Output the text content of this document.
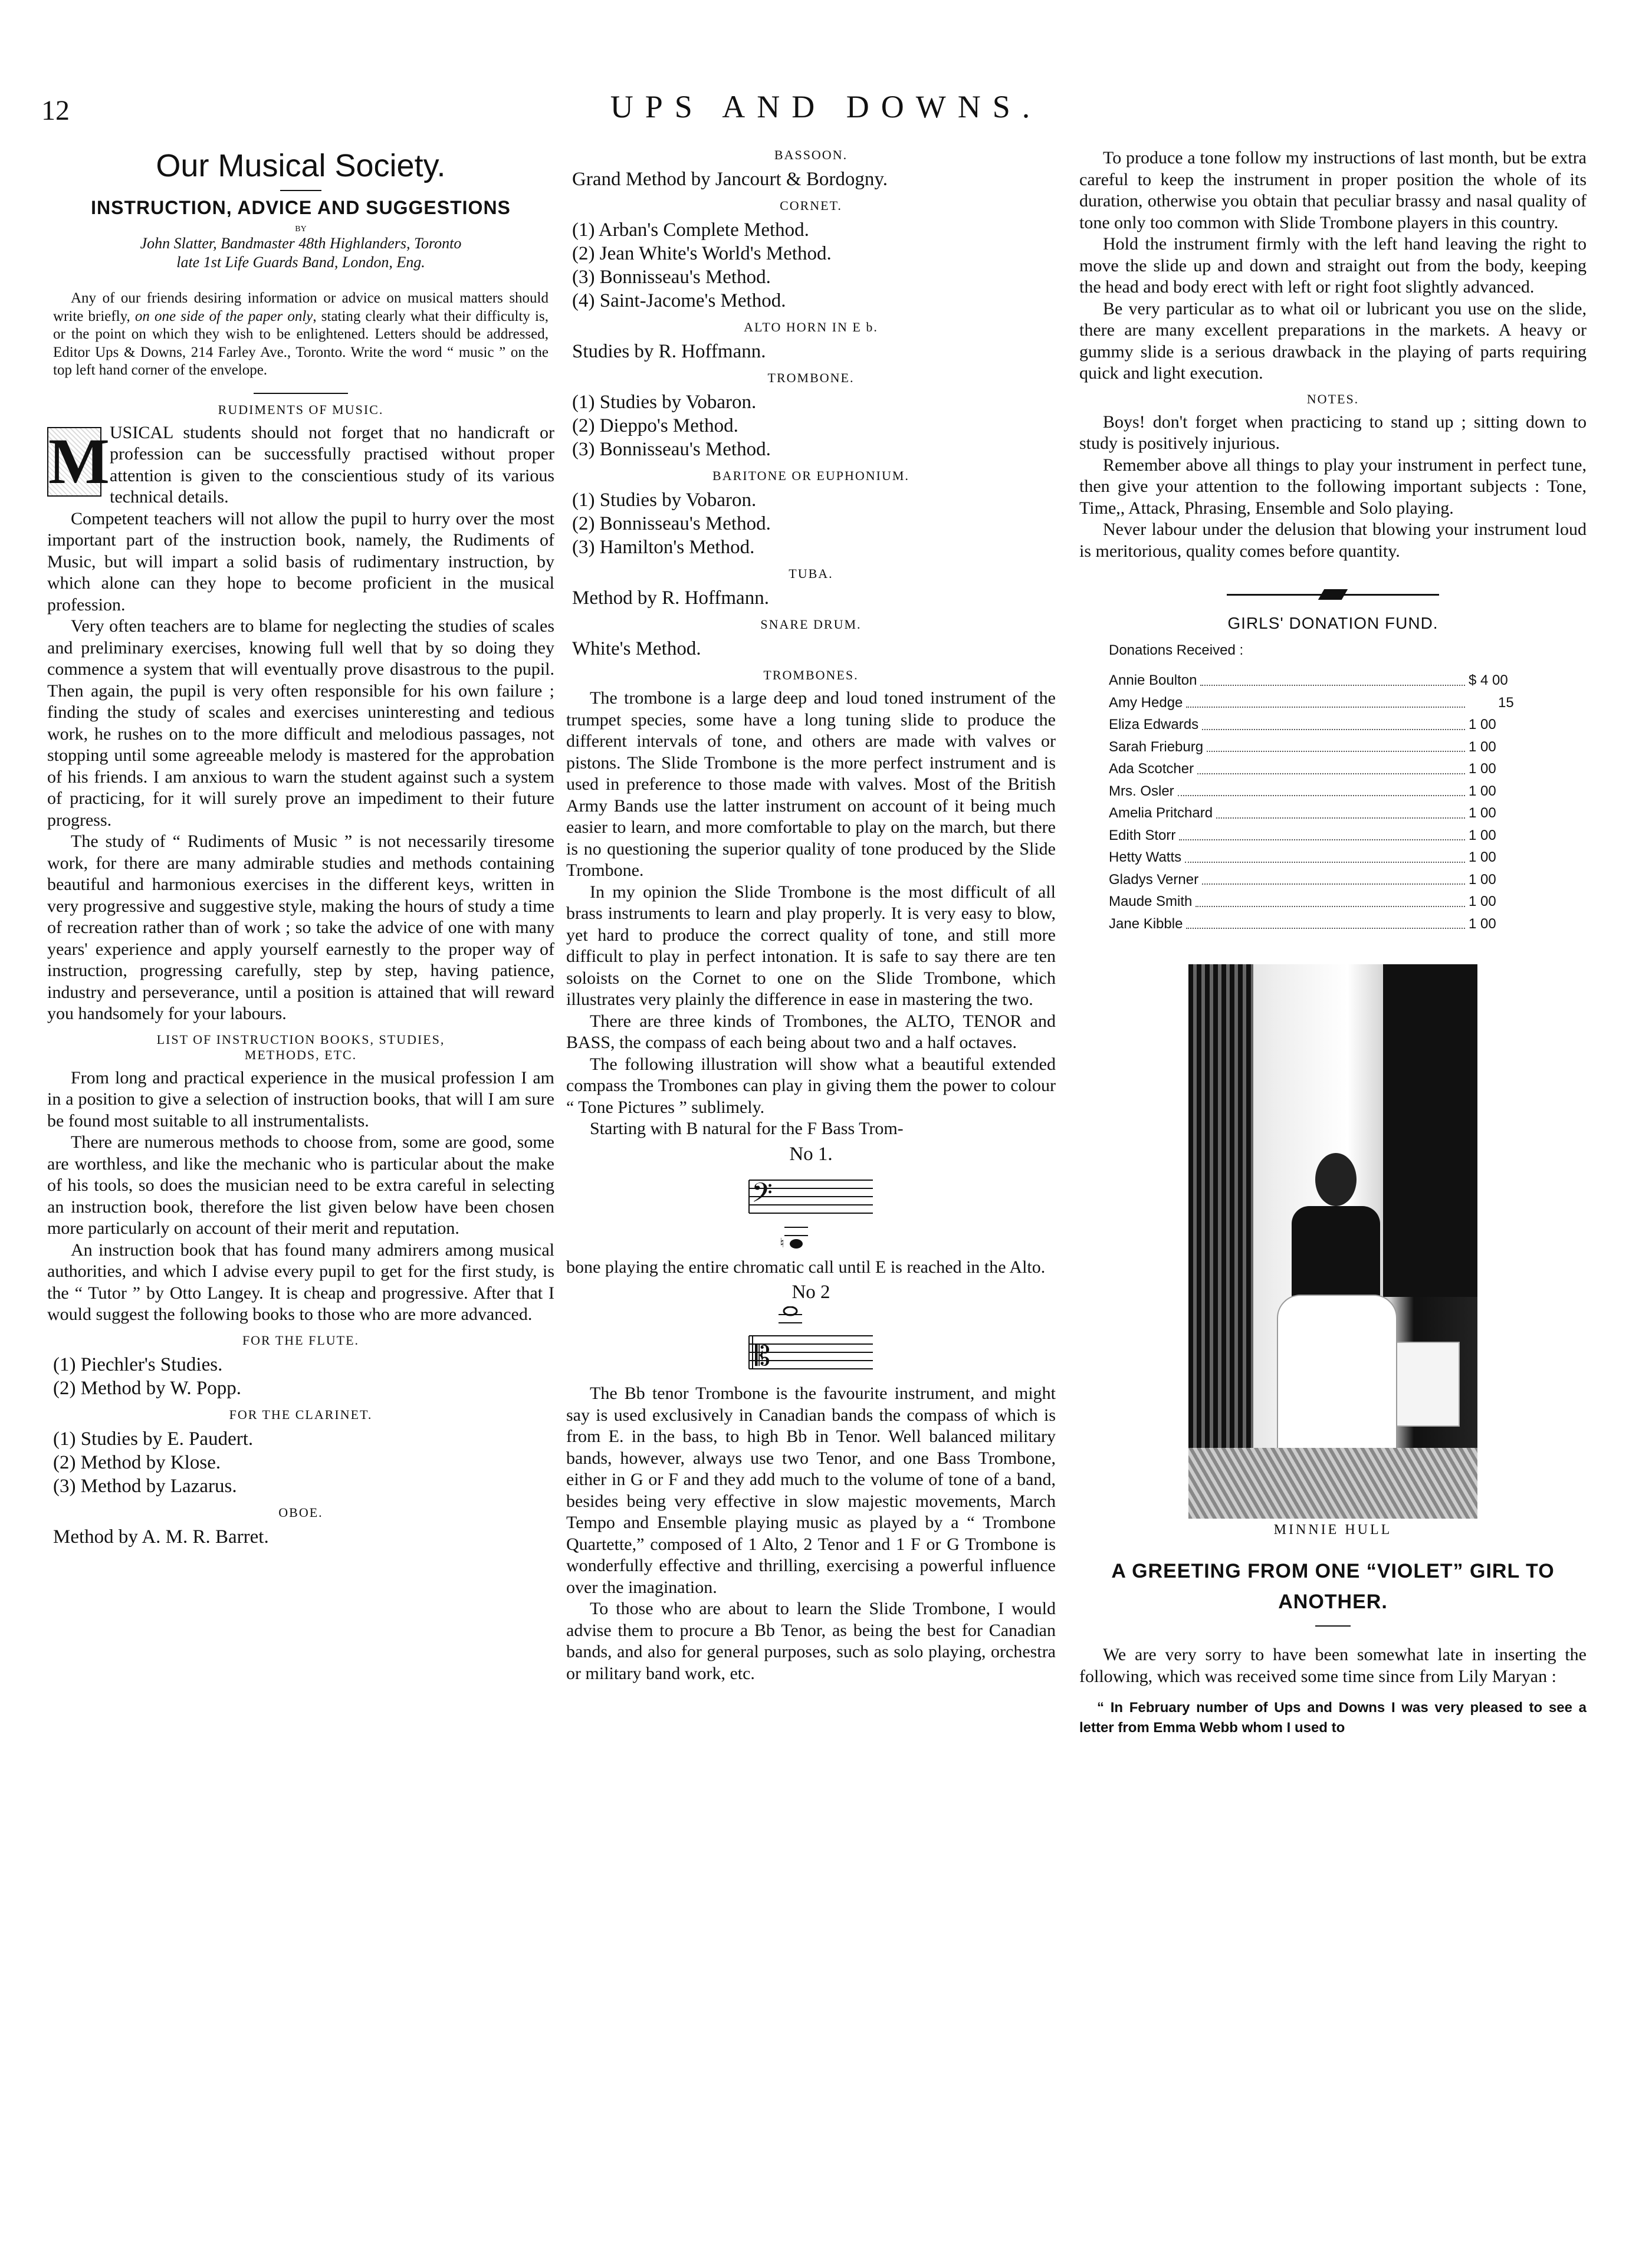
12	UPS AND DOWNS.
Our Musical Society.
INSTRUCTION, ADVICE AND SUGGESTIONS
BY
John Slatter, Bandmaster 48th Highlanders, Toronto
late 1st Life Guards Band, London, Eng.
Any of our friends desiring information or advice on musical matters should write briefly, on one side of the paper only, stating clearly what their difficulty is, or the point on which they wish to be enlightened. Letters should be addressed, Editor Ups & Downs, 214 Farley Ave., Toronto. Write the word “ music ” on the top left hand corner of the envelope.
RUDIMENTS OF MUSIC.
M USICAL students should not forget that no handicraft or profession can be successfully practised without proper attention is given to the conscientious study of its various technical details.

Competent teachers will not allow the pupil to hurry over the most important part of the instruction book, namely, the Rudiments of Music, but will impart a solid basis of rudimentary instruction, by which alone can they hope to become proficient in the musical profession.

Very often teachers are to blame for neglecting the studies of scales and preliminary exercises, knowing full well that by so doing they commence a system that will eventually prove disastrous to the pupil. Then again, the pupil is very often responsible for his own failure ; finding the study of scales and exercises uninteresting and tedious work, he rushes on to the more difficult and melodious passages, not stopping until some agreeable melody is mastered for the approbation of his friends. I am anxious to warn the student against such a system of practicing, for it will surely prove an impediment to their future progress.

The study of “ Rudiments of Music ” is not necessarily tiresome work, for there are many admirable studies and methods containing beautiful and harmonious exercises in the different keys, written in very progressive and suggestive style, making the hours of study a time of recreation rather than of work ; so take the advice of one with many years' experience and apply yourself earnestly to the proper way of instruction, progressing carefully, step by step, having patience, industry and perseverance, until a position is attained that will reward you handsomely for your labours.

LIST OF INSTRUCTION BOOKS, STUDIES,
METHODS, ETC.

From long and practical experience in the musical profession I am in a position to give a selection of instruction books, that will I am sure be found most suitable to all instrumentalists.

There are numerous methods to choose from, some are good, some are worthless, and like the mechanic who is particular about the make of his tools, so does the musician need to be extra careful in selecting an instruction book, therefore the list given below have been chosen more particularly on account of their merit and reputation.

An instruction book that has found many admirers among musical authorities, and which I advise every pupil to get for the first study, is the “ Tutor ” by Otto Langey. It is cheap and progressive. After that I would suggest the following books to those who are more advanced.

FOR THE FLUTE.
(1) Piechler's Studies.
(2) Method by W. Popp.
FOR THE CLARINET.
(1) Studies by E. Paudert.
(2) Method by Klose.
(3) Method by Lazarus.
OBOE.
Method by A. M. R. Barret.
BASSOON.
Grand Method by Jancourt & Bordogny.
CORNET.
(1) Arban's Complete Method.
(2) Jean White's World's Method.
(3) Bonnisseau's Method.
(4) Saint-Jacome's Method.
ALTO HORN IN E b.
Studies by R. Hoffmann.
TROMBONE.
(1) Studies by Vobaron.
(2) Dieppo's Method.
(3) Bonnisseau's Method.
BARITONE OR EUPHONIUM.
(1) Studies by Vobaron.
(2) Bonnisseau's Method.
(3) Hamilton's Method.
TUBA.
Method by R. Hoffmann.
SNARE DRUM.
White's Method.
TROMBONES.

The trombone is a large deep and loud toned instrument of the trumpet species, some have a long tuning slide to produce the different intervals of tone, and others are made with valves or pistons. The Slide Trombone is the more perfect instrument and is used in preference to those made with valves. Most of the British Army Bands use the latter instrument on account of it being much easier to learn, and more comfortable to play on the march, but there is no questioning the superior quality of tone produced by the Slide Trombone.

In my opinion the Slide Trombone is the most difficult of all brass instruments to learn and play properly. It is very easy to blow, yet hard to produce the correct quality of tone, and still more difficult to play in perfect intonation. It is safe to say there are ten soloists on the Cornet to one on the Slide Trombone, which illustrates very plainly the difference in ease in mastering the two.

There are three kinds of Trombones, the ALTO, TENOR and BASS, the compass of each being about two and a half octaves.

The following illustration will show what a beautiful extended compass the Trombones can play in giving them the power to colour “ Tone Pictures ” sublimely.

Starting with B natural for the F Bass Trom-

No 1.
𝄢
♮

bone playing the entire chromatic call until E is reached in the Alto.

No 2
𝄡

The Bb tenor Trombone is the favourite instrument, and might say is used exclusively in Canadian bands the compass of which is from E. in the bass, to high Bb in Tenor. Well balanced military bands, however, always use two Tenor, and one Bass Trombone, either in G or F and they add much to the volume of tone of a band, besides being very effective in slow majestic movements, March Tempo and Ensemble playing music as played by a “ Trombone Quartette,” composed of 1 Alto, 2 Tenor and 1 F or G Trombone is wonderfully effective and thrilling, exercising a powerful influence over the imagination.

To those who are about to learn the Slide Trombone, I would advise them to procure a Bb Tenor, as being the best for Canadian bands, and also for general purposes, such as solo playing, orchestra or military band work, etc.

To produce a tone follow my instructions of last month, but be extra careful to keep the instrument in proper position the whole of its duration, otherwise you obtain that peculiar brassy and nasal quality of tone only too common with Slide Trombone players in this country.

Hold the instrument firmly with the left hand leaving the right to move the slide up and down and straight out from the body, keeping the head and body erect with left or right foot slightly advanced.

Be very particular as to what oil or lubricant you use on the slide, there are many excellent preparations in the markets. A heavy or gummy slide is a serious drawback in the playing of parts requiring quick and light execution.

NOTES.

Boys! don't forget when practicing to stand up ; sitting down to study is positively injurious.

Remember above all things to play your instrument in perfect tune, then give your attention to the following important subjects : Tone, Time,, Attack, Phrasing, Ensemble and Solo playing.

Never labour under the delusion that blowing your instrument loud is meritorious, quality comes before quantity.

GIRLS' DONATION FUND.
Donations Received :
Annie Boulton	$ 4 00
Amy Hedge	15
Eliza Edwards	1 00
Sarah Frieburg	1 00
Ada Scotcher	1 00
Mrs. Osler	1 00
Amelia Pritchard	1 00
Edith Storr	1 00
Hetty Watts	1 00
Gladys Verner	1 00
Maude Smith	1 00
Jane Kibble	1 00
MINNIE HULL
A GREETING FROM ONE “VIOLET” GIRL TO
ANOTHER.

We are very sorry to have been somewhat late in inserting the following, which was received some time since from Lily Maryan :

“ In February number of Ups and Downs I was very pleased to see a letter from Emma Webb whom I used to
